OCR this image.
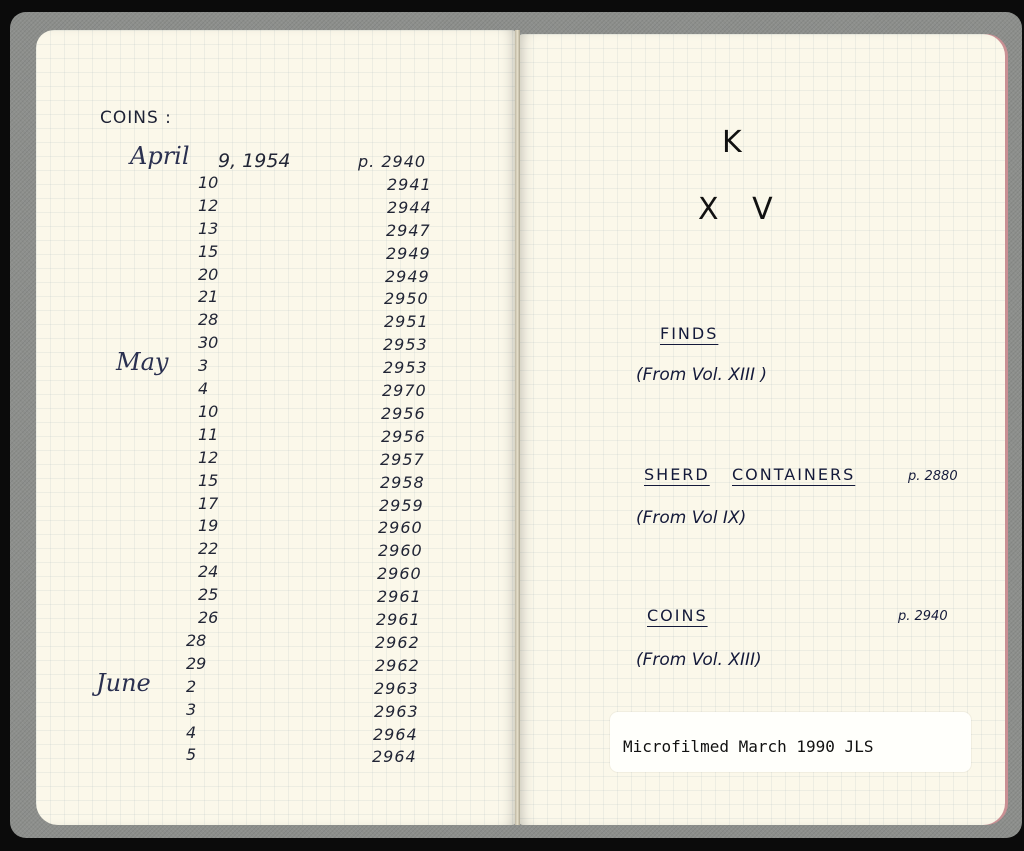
COINS :
April 9, 1954	p. 2940
10	2941
12	2944
13	2947
15	2949
20	2949
21	2950
28	2951
30	2953
May 3	2953
4	2970
10	2956
11	2956
12	2957
15	2958
17	2959
19	2960
22	2960
24	2960
25	2961
26	2961
28	2962
29	2962
June 2	2963
3	2963
4	2964
5	2964
K
X V
FINDS
(From Vol. XIII )
SHERD CONTAINERS	p. 2880
(From Vol IX)
COINS	p. 2940
(From Vol. XIII)
Microfilmed March 1990 JLS
